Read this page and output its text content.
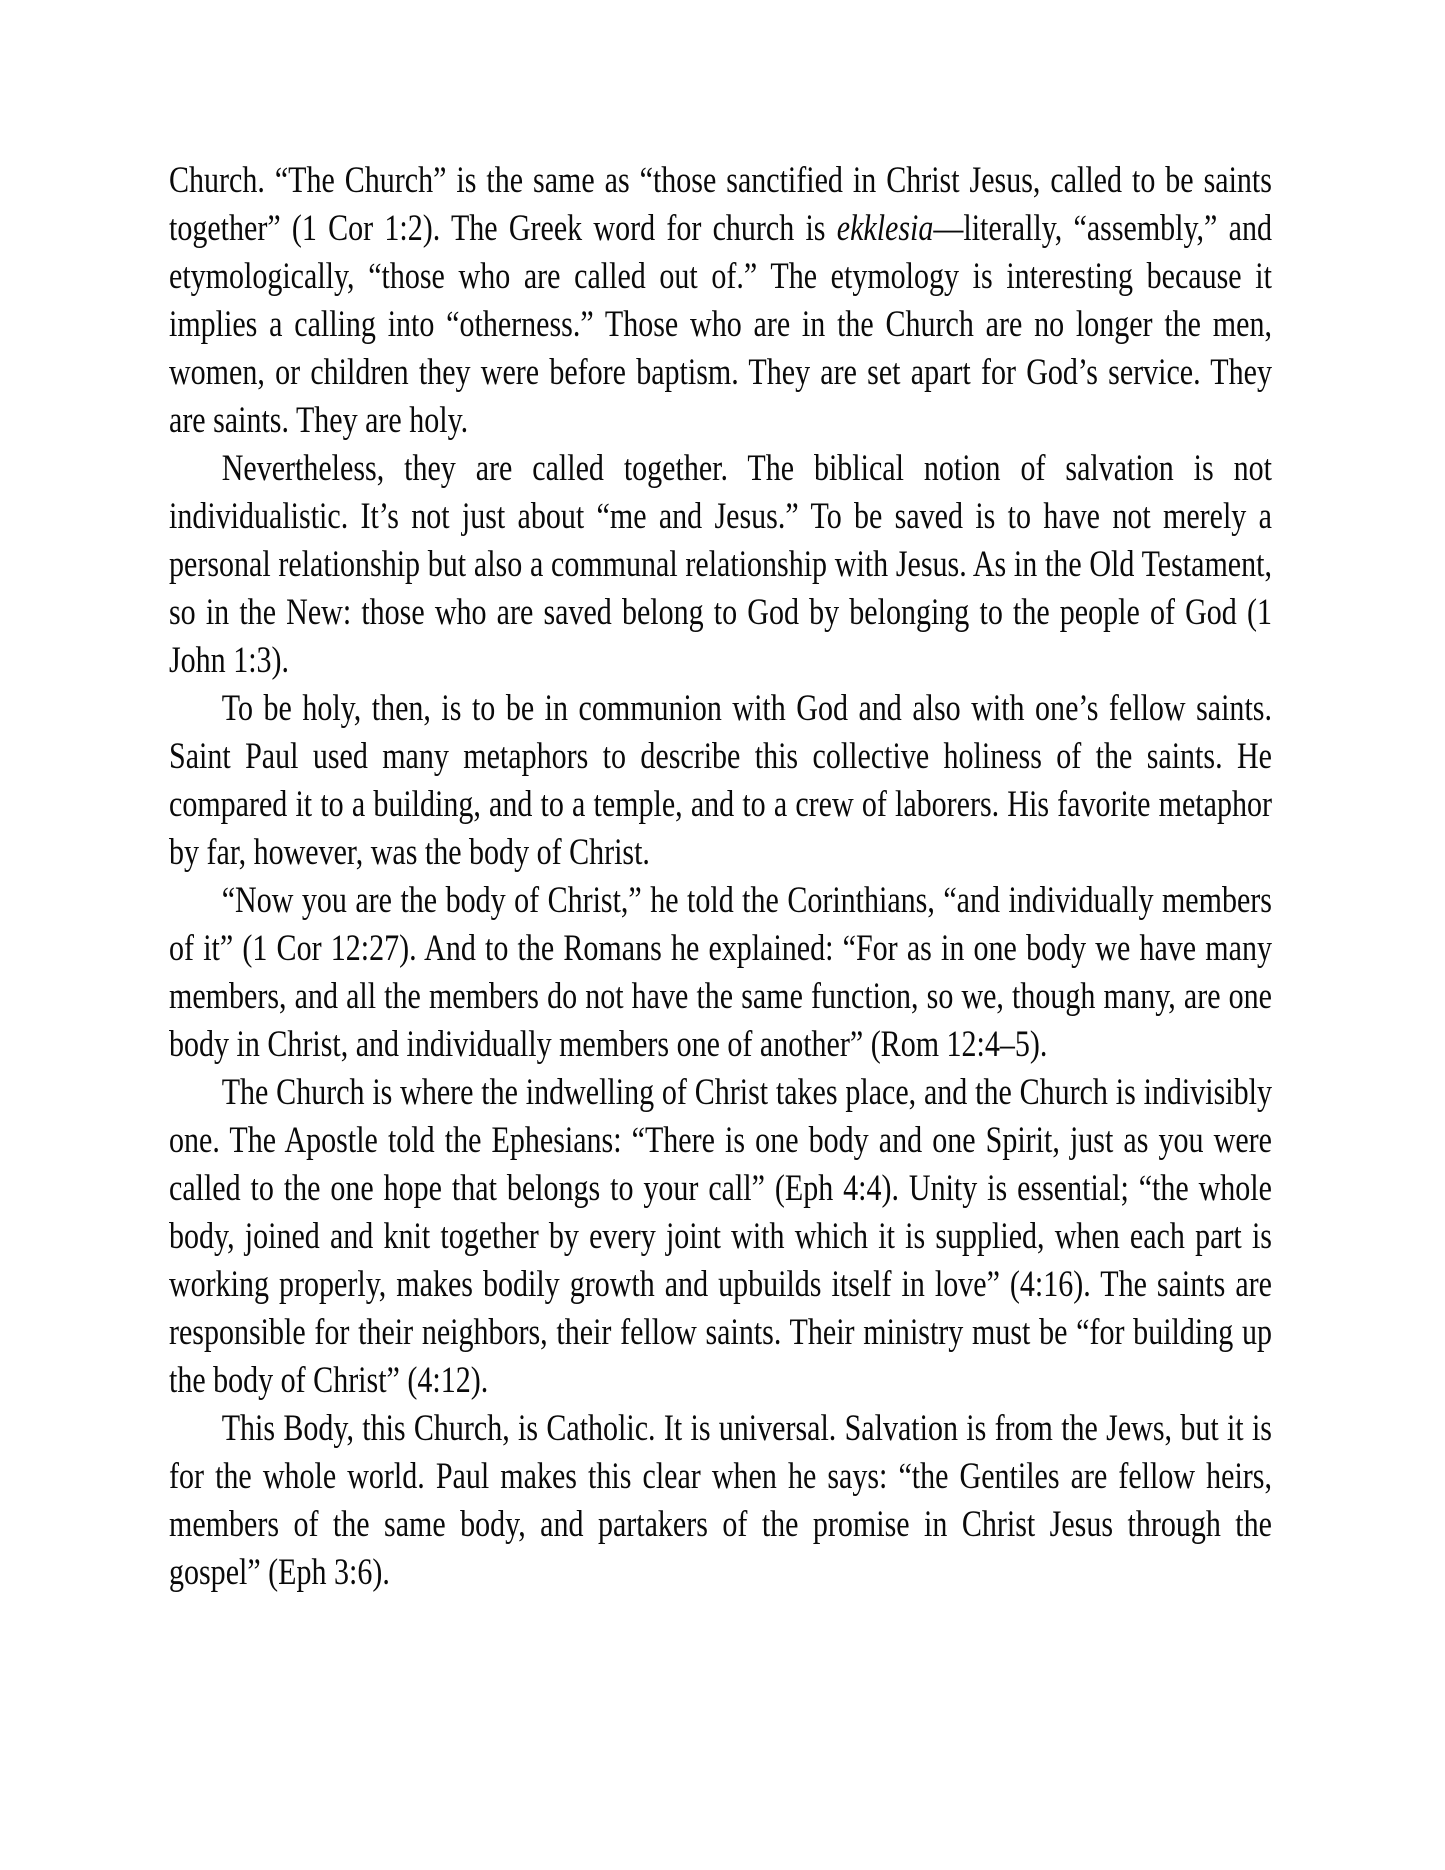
Church. “The Church” is the same as “those sanctified in Christ Jesus, called to be saints together” (1 Cor 1:2). The Greek word for church is ekklesia—literally, “assembly,” and etymologically, “those who are called out of.” The etymology is interesting because it implies a calling into “otherness.” Those who are in the Church are no longer the men, women, or children they were before baptism. They are set apart for God’s service. They are saints. They are holy.

Nevertheless, they are called together. The biblical notion of salvation is not individualistic. It’s not just about “me and Jesus.” To be saved is to have not merely a personal relationship but also a communal relationship with Jesus. As in the Old Testament, so in the New: those who are saved belong to God by belonging to the people of God (1 John 1:3).

To be holy, then, is to be in communion with God and also with one’s fellow saints. Saint Paul used many metaphors to describe this collective holiness of the saints. He compared it to a building, and to a temple, and to a crew of laborers. His favorite metaphor by far, however, was the body of Christ.

“Now you are the body of Christ,” he told the Corinthians, “and individually members of it” (1 Cor 12:27). And to the Romans he explained: “For as in one body we have many members, and all the members do not have the same function, so we, though many, are one body in Christ, and individually members one of another” (Rom 12:4–5).

The Church is where the indwelling of Christ takes place, and the Church is indivisibly one. The Apostle told the Ephesians: “There is one body and one Spirit, just as you were called to the one hope that belongs to your call” (Eph 4:4). Unity is essential; “the whole body, joined and knit together by every joint with which it is supplied, when each part is working properly, makes bodily growth and upbuilds itself in love” (4:16). The saints are responsible for their neighbors, their fellow saints. Their ministry must be “for building up the body of Christ” (4:12).

This Body, this Church, is Catholic. It is universal. Salvation is from the Jews, but it is for the whole world. Paul makes this clear when he says: “the Gentiles are fellow heirs, members of the same body, and partakers of the promise in Christ Jesus through the gospel” (Eph 3:6).
